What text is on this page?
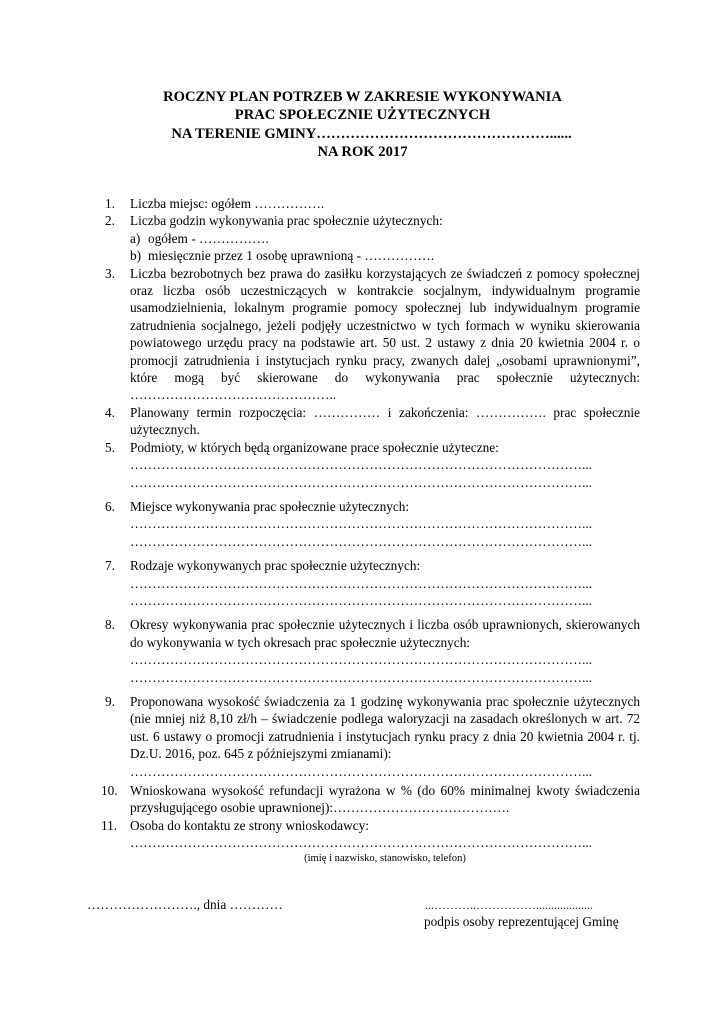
ROCZNY PLAN POTRZEB W ZAKRESIE WYKONYWANIA
PRAC SPOŁECZNIE UŻYTECZNYCH
NA TERENIE GMINY…………………………………………......
NA ROK 2017
1. Liczba miejsc: ogółem …………….
2. Liczba godzin wykonywania prac społecznie użytecznych:
a) ogółem - …………….
b) miesięcznie przez 1 osobę uprawnioną - …………….
3. Liczba bezrobotnych bez prawa do zasiłku korzystających ze świadczeń z pomocy społecznej oraz liczba osób uczestniczących w kontrakcie socjalnym, indywidualnym programie usamodzielnienia, lokalnym programie pomocy społecznej lub indywidualnym programie zatrudnienia socjalnego, jeżeli podjęły uczestnictwo w tych formach w wyniku skierowania powiatowego urzędu pracy na podstawie art. 50 ust. 2 ustawy z dnia 20 kwietnia 2004 r. o promocji zatrudnienia i instytucjach rynku pracy, zwanych dalej „osobami uprawnionymi”, które mogą być skierowane do wykonywania prac społecznie użytecznych: ………………………………………..
4. Planowany termin rozpoczęcia: …………… i zakończenia: ……………. prac społecznie użytecznych.
5. Podmioty, w których będą organizowane prace społecznie użyteczne:
…………………………………………………………………………………………...
…………………………………………………………………………………………...
6. Miejsce wykonywania prac społecznie użytecznych:
…………………………………………………………………………………………...
…………………………………………………………………………………………...
7. Rodzaje wykonywanych prac społecznie użytecznych:
…………………………………………………………………………………………...
…………………………………………………………………………………………...
8. Okresy wykonywania prac społecznie użytecznych i liczba osób uprawnionych, skierowanych do wykonywania w tych okresach prac społecznie użytecznych:
…………………………………………………………………………………………...
…………………………………………………………………………………………...
9. Proponowana wysokość świadczenia za 1 godzinę wykonywania prac społecznie użytecznych (nie mniej niż 8,10 zł/h – świadczenie podlega waloryzacji na zasadach określonych w art. 72 ust. 6 ustawy o promocji zatrudnienia i instytucjach rynku pracy z dnia 20 kwietnia 2004 r. tj. Dz.U. 2016, poz. 645 z późniejszymi zmianami):
…………………………………………………………………………………………...
10. Wnioskowana wysokość refundacji wyrażona w % (do 60% minimalnej kwoty świadczenia przysługującego osobie uprawnionej):………………………………….
11. Osoba do kontaktu ze strony wnioskodawcy:
…………………………………………………………………………………………...
(imię i nazwisko, stanowisko, telefon)
……………………., dnia …………	...………..……………...................
podpis osoby reprezentującej Gminę
